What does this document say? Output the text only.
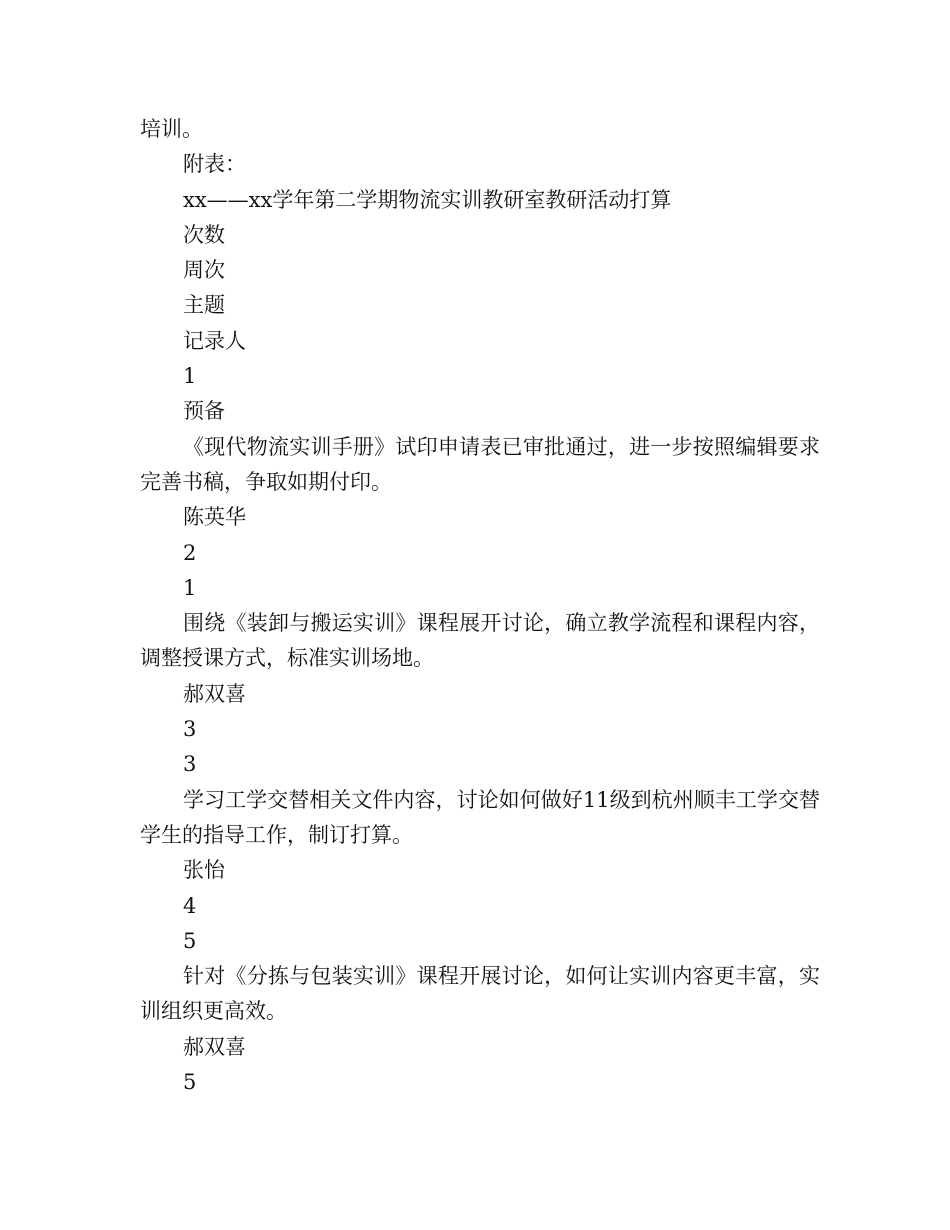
培训。
附表：
xx——xx学年第二学期物流实训教研室教研活动打算
次数
周次
主题
记录人
1
预备

《现代物流实训手册》试印申请表已审批通过，进一步按照编辑要求完善书稿，争取如期付印。

陈英华
2
1

围绕《装卸与搬运实训》课程展开讨论，确立教学流程和课程内容，调整授课方式，标准实训场地。

郝双喜
3
3

学习工学交替相关文件内容，讨论如何做好11级到杭州顺丰工学交替学生的指导工作，制订打算。

张怡
4
5

针对《分拣与包装实训》课程开展讨论，如何让实训内容更丰富，实训组织更高效。

郝双喜
5
